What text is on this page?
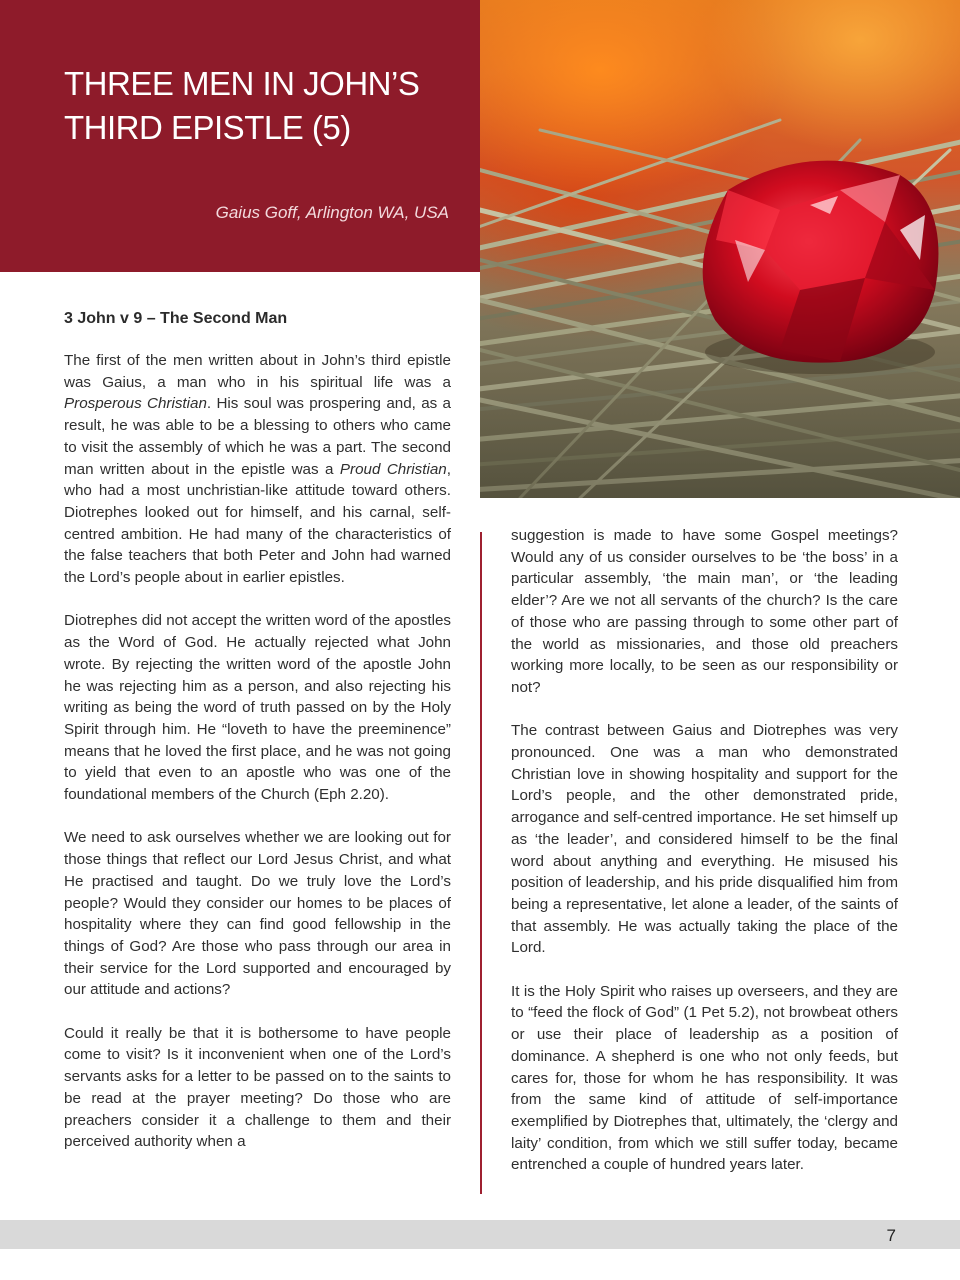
THREE MEN IN JOHN’S
THIRD EPISTLE (5)
Gaius Goff, Arlington WA, USA
3 John v 9 – The Second Man

The first of the men written about in John’s third epistle was Gaius, a man who in his spiritual life was a Prosperous Christian. His soul was prospering and, as a result, he was able to be a blessing to others who came to visit the assembly of which he was a part. The second man written about in the epistle was a Proud Christian, who had a most unchristian-like attitude toward others. Diotrephes looked out for himself, and his carnal, self-centred ambition. He had many of the characteristics of the false teachers that both Peter and John had warned the Lord’s people about in earlier epistles.

Diotrephes did not accept the written word of the apostles as the Word of God. He actually rejected what John wrote. By rejecting the written word of the apostle John he was rejecting him as a person, and also rejecting his writing as being the word of truth passed on by the Holy Spirit through him. He “loveth to have the preeminence” means that he loved the first place, and he was not going to yield that even to an apostle who was one of the foundational members of the Church (Eph 2.20).

We need to ask ourselves whether we are looking out for those things that reflect our Lord Jesus Christ, and what He practised and taught. Do we truly love the Lord’s people? Would they consider our homes to be places of hospitality where they can find good fellowship in the things of God? Are those who pass through our area in their service for the Lord supported and encouraged by our attitude and actions?

Could it really be that it is bothersome to have people come to visit? Is it inconvenient when one of the Lord’s servants asks for a letter to be passed on to the saints to be read at the prayer meeting? Do those who are preachers consider it a challenge to them and their perceived authority when a

suggestion is made to have some Gospel meetings? Would any of us consider ourselves to be ‘the boss’ in a particular assembly, ‘the main man’, or ‘the leading elder’? Are we not all servants of the church? Is the care of those who are passing through to some other part of the world as missionaries, and those old preachers working more locally, to be seen as our responsibility or not?

The contrast between Gaius and Diotrephes was very pronounced. One was a man who demonstrated Christian love in showing hospitality and support for the Lord’s people, and the other demonstrated pride, arrogance and self-centred importance. He set himself up as ‘the leader’, and considered himself to be the final word about anything and everything. He misused his position of leadership, and his pride disqualified him from being a representative, let alone a leader, of the saints of that assembly. He was actually taking the place of the Lord.

It is the Holy Spirit who raises up overseers, and they are to “feed the flock of God” (1 Pet 5.2), not browbeat others or use their place of leadership as a position of dominance. A shepherd is one who not only feeds, but cares for, those for whom he has responsibility. It was from the same kind of attitude of self-importance exemplified by Diotrephes that, ultimately, the ‘clergy and laity’ condition, from which we still suffer today, became entrenched a couple of hundred years later.

7
